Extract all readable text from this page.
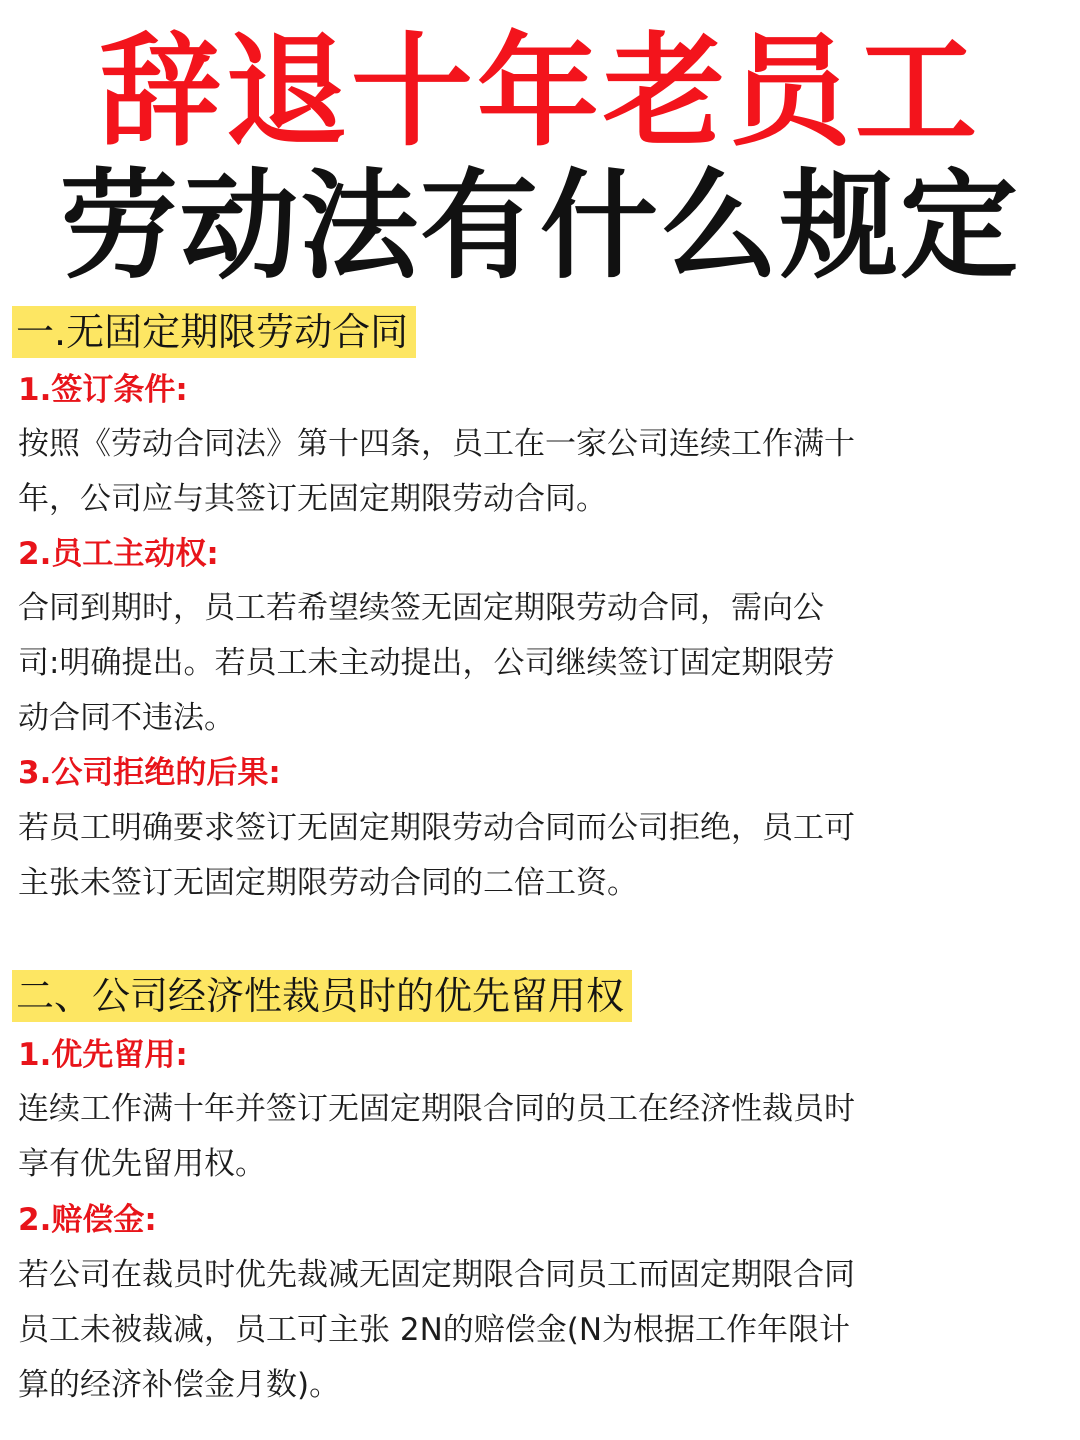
辞退十年老员工
劳动法有什么规定
一.无固定期限劳动合同
1.签订条件:
按照《劳动合同法》第十四条，员工在一家公司连续工作满十
年，公司应与其签订无固定期限劳动合同。
2.员工主动权:
合同到期时，员工若希望续签无固定期限劳动合同，需向公
司:明确提出。若员工未主动提出，公司继续签订固定期限劳
动合同不违法。
3.公司拒绝的后果:
若员工明确要求签订无固定期限劳动合同而公司拒绝，员工可
主张未签订无固定期限劳动合同的二倍工资。
二、公司经济性裁员时的优先留用权
1.优先留用:
连续工作满十年并签订无固定期限合同的员工在经济性裁员时
享有优先留用权。
2.赔偿金:
若公司在裁员时优先裁减无固定期限合同员工而固定期限合同
员工未被裁减，员工可主张 2N的赔偿金(N为根据工作年限计
算的经济补偿金月数)。
